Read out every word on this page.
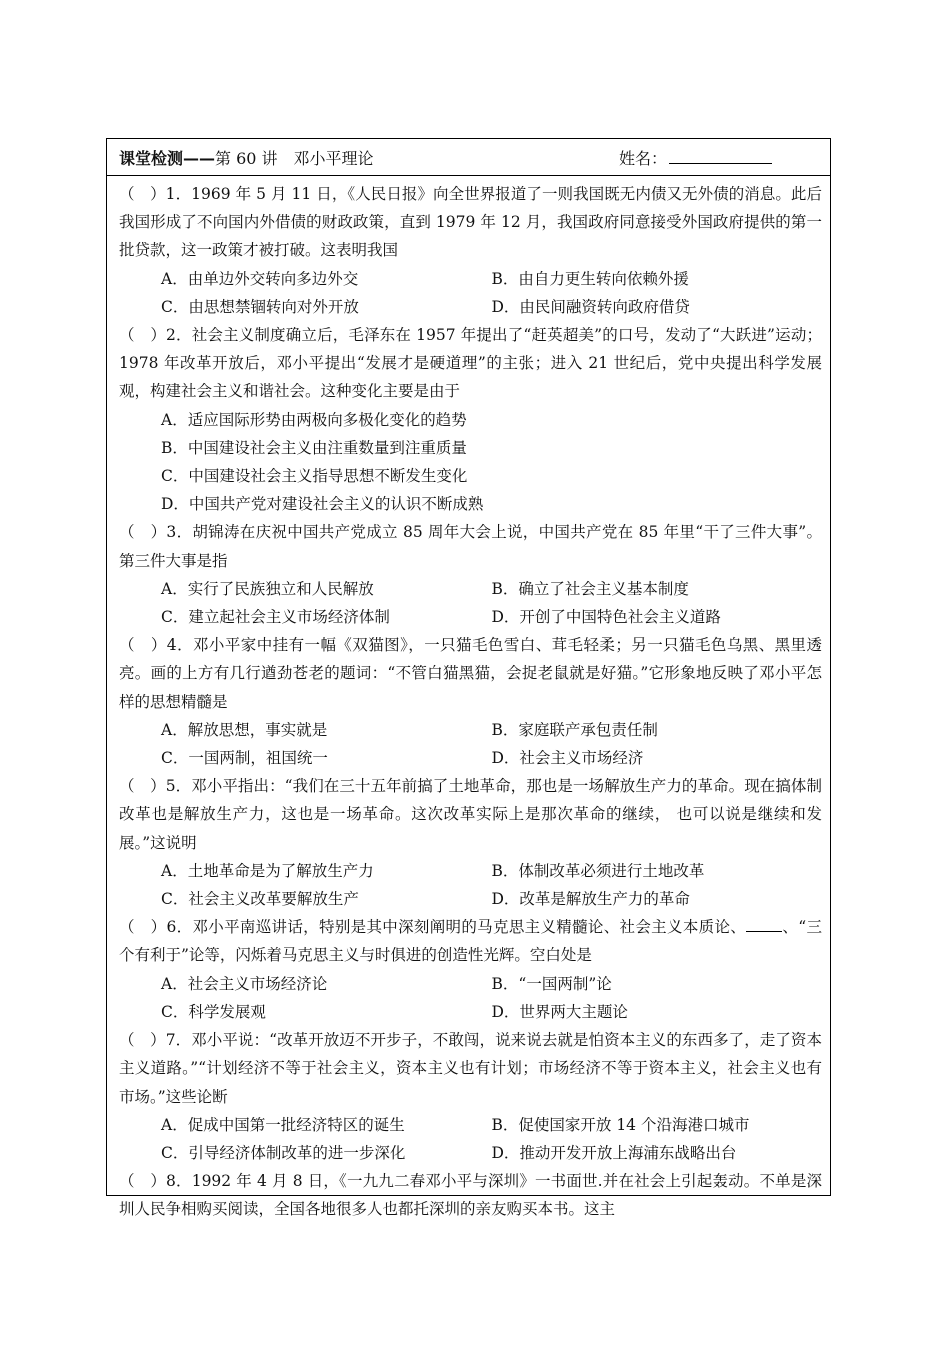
课堂检测——第 60 讲　邓小平理论	姓名：
（　）1．1969 年 5 月 11 日，《人民日报》向全世界报道了一则我国既无内债又无外债的消息。此后我国形成了不向国内外借债的财政政策，直到 1979 年 12 月，我国政府同意接受外国政府提供的第一批贷款，这一政策才被打破。这表明我国
A．由单边外交转向多边外交	B．由自力更生转向依赖外援
C．由思想禁锢转向对外开放	D．由民间融资转向政府借贷
（　）2．社会主义制度确立后，毛泽东在 1957 年提出了“赶英超美”的口号，发动了“大跃进”运动；1978 年改革开放后，邓小平提出“发展才是硬道理”的主张；进入 21 世纪后，党中央提出科学发展观，构建社会主义和谐社会。这种变化主要是由于
A．适应国际形势由两极向多极化变化的趋势
B．中国建设社会主义由注重数量到注重质量
C．中国建设社会主义指导思想不断发生变化
D．中国共产党对建设社会主义的认识不断成熟
（　）3．胡锦涛在庆祝中国共产党成立 85 周年大会上说，中国共产党在 85 年里“干了三件大事”。第三件大事是指
A．实行了民族独立和人民解放	B．确立了社会主义基本制度
C．建立起社会主义市场经济体制	D．开创了中国特色社会主义道路
（　）4．邓小平家中挂有一幅《双猫图》，一只猫毛色雪白、茸毛轻柔；另一只猫毛色乌黑、黑里透亮。画的上方有几行遒劲苍老的题词：“不管白猫黑猫，会捉老鼠就是好猫。”它形象地反映了邓小平怎样的思想精髓是
A．解放思想，事实就是	B．家庭联产承包责任制
C．一国两制，祖国统一	D．社会主义市场经济
（　）5．邓小平指出：“我们在三十五年前搞了土地革命，那也是一场解放生产力的革命。现在搞体制改革也是解放生产力，这也是一场革命。这次改革实际上是那次革命的继续， 也可以说是继续和发展。”这说明
A．土地革命是为了解放生产力	B．体制改革必须进行土地改革
C．社会主义改革要解放生产	D．改革是解放生产力的革命
（　）6．邓小平南巡讲话，特别是其中深刻阐明的马克思主义精髓论、社会主义本质论、 、“三个有利于”论等，闪烁着马克思主义与时俱进的创造性光辉。空白处是
A．社会主义市场经济论	B．“一国两制”论
C．科学发展观	D．世界两大主题论
（　）7．邓小平说：“改革开放迈不开步子，不敢闯，说来说去就是怕资本主义的东西多了，走了资本主义道路。”“计划经济不等于社会主义，资本主义也有计划；市场经济不等于资本主义，社会主义也有市场。”这些论断
A．促成中国第一批经济特区的诞生	B．促使国家开放 14 个沿海港口城市
C．引导经济体制改革的进一步深化	D．推动开发开放上海浦东战略出台
（　）8．1992 年 4 月 8 日，《一九九二春邓小平与深圳》一书面世.并在社会上引起轰动。不单是深圳人民争相购买阅读，全国各地很多人也都托深圳的亲友购买本书。这主
